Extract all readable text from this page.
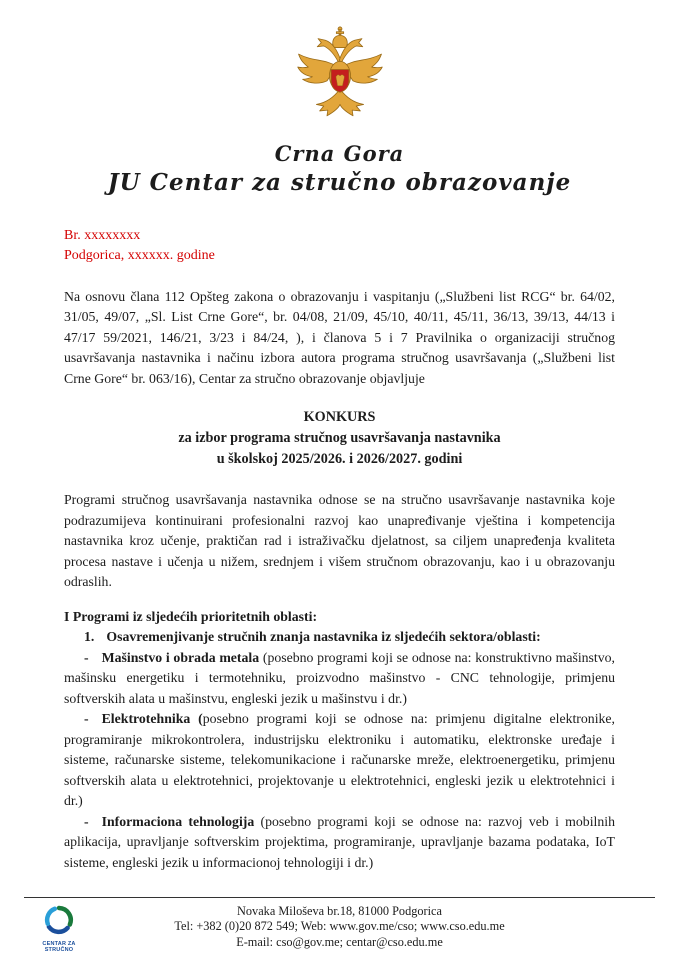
Crna Gora
JU Centar za stručno obrazovanje
Br. xxxxxxxx
Podgorica, xxxxxx. godine

Na osnovu člana 112 Opšteg zakona o obrazovanju i vaspitanju („Službeni list RCG“ br. 64/02, 31/05, 49/07, „Sl. List Crne Gore“, br. 04/08, 21/09, 45/10, 40/11, 45/11, 36/13, 39/13, 44/13 i 47/17 59/2021, 146/21, 3/23 i 84/24, ), i članova 5 i 7 Pravilnika o organizaciji stručnog usavršavanja nastavnika i načinu izbora autora programa stručnog usavršavanja („Službeni list Crne Gore“ br. 063/16), Centar za stručno obrazovanje objavljuje

KONKURS
za izbor programa stručnog usavršavanja nastavnika
u školskoj 2025/2026. i 2026/2027. godini

Programi stručnog usavršavanja nastavnika odnose se na stručno usavršavanje nastavnika koje podrazumijeva kontinuirani profesionalni razvoj kao unapređivanje vještina i kompetencija nastavnika kroz učenje, praktičan rad i istraživačku djelatnost, sa ciljem unapređenja kvaliteta procesa nastave i učenja u nižem, srednjem i višem stručnom obrazovanju, kao i u obrazovanju odraslih.

I Programi iz sljedećih prioritetnih oblasti:
1. Osavremenjivanje stručnih znanja nastavnika iz sljedećih sektora/oblasti:

- Mašinstvo i obrada metala (posebno programi koji se odnose na: konstruktivno mašinstvo, mašinsku energetiku i termotehniku, proizvodno mašinstvo - CNC tehnologije, primjenu softverskih alata u mašinstvu, engleski jezik u mašinstvu i dr.)

- Elektrotehnika (posebno programi koji se odnose na: primjenu digitalne elektronike, programiranje mikrokontrolera, industrijsku elektroniku i automatiku, elektronske uređaje i sisteme, računarske sisteme, telekomunikacione i računarske mreže, elektroenergetiku, primjenu softverskih alata u elektrotehnici, projektovanje u elektrotehnici, engleski jezik u elektrotehnici i dr.)

- Informaciona tehnologija (posebno programi koji se odnose na: razvoj veb i mobilnih aplikacija, upravljanje softverskim projektima, programiranje, upravljanje bazama podataka, IoT sisteme, engleski jezik u informacionoj tehnologiji i dr.)

CENTAR ZA STRUČNO
Novaka Miloševa br.18, 81000 Podgorica
Tel: +382 (0)20 872 549; Web: www.gov.me/cso; www.cso.edu.me
E-mail: cso@gov.me; centar@cso.edu.me
